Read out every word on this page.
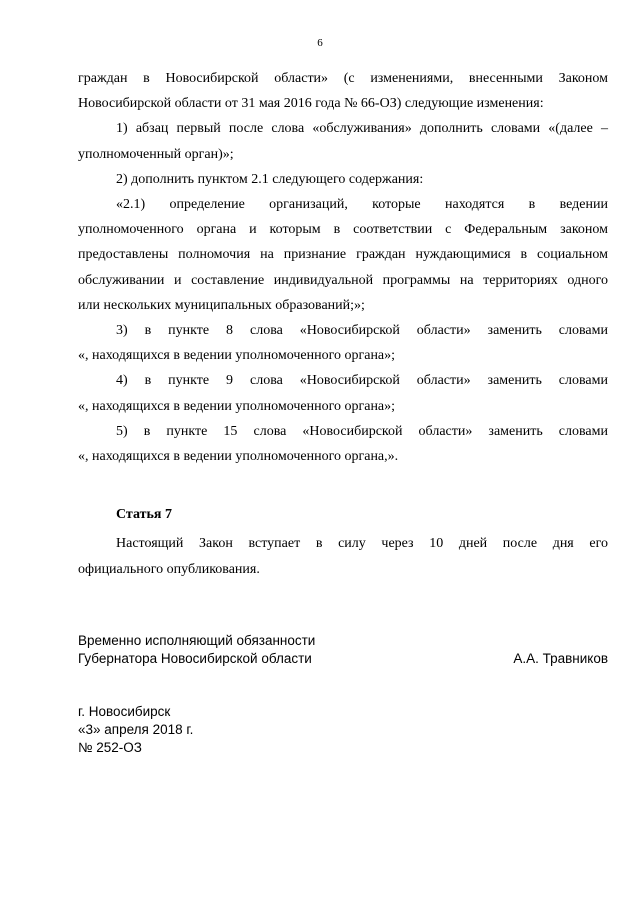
6

граждан в Новосибирской области» (с изменениями, внесенными Законом
Новосибирской области от 31 мая 2016 года № 66-ОЗ) следующие изменения:

1) абзац первый после слова «обслуживания» дополнить словами «(далее –
уполномоченный орган)»;

2) дополнить пунктом 2.1 следующего содержания:

«2.1) определение организаций, которые находятся в ведении
уполномоченного органа и которым в соответствии с Федеральным законом
предоставлены полномочия на признание граждан нуждающимися в социальном
обслуживании и составление индивидуальной программы на территориях одного
или нескольких муниципальных образований;»;

3) в пункте 8 слова «Новосибирской области» заменить словами
«, находящихся в ведении уполномоченного органа»;

4) в пункте 9 слова «Новосибирской области» заменить словами
«, находящихся в ведении уполномоченного органа»;

5) в пункте 15 слова «Новосибирской области» заменить словами
«, находящихся в ведении уполномоченного органа,».

Статья 7

Настоящий Закон вступает в силу через 10 дней после дня его
официального опубликования.

Временно исполняющий обязанности
Губернатора Новосибирской области	А.А. Травников
г. Новосибирск
«3» апреля 2018 г.
№ 252-ОЗ
